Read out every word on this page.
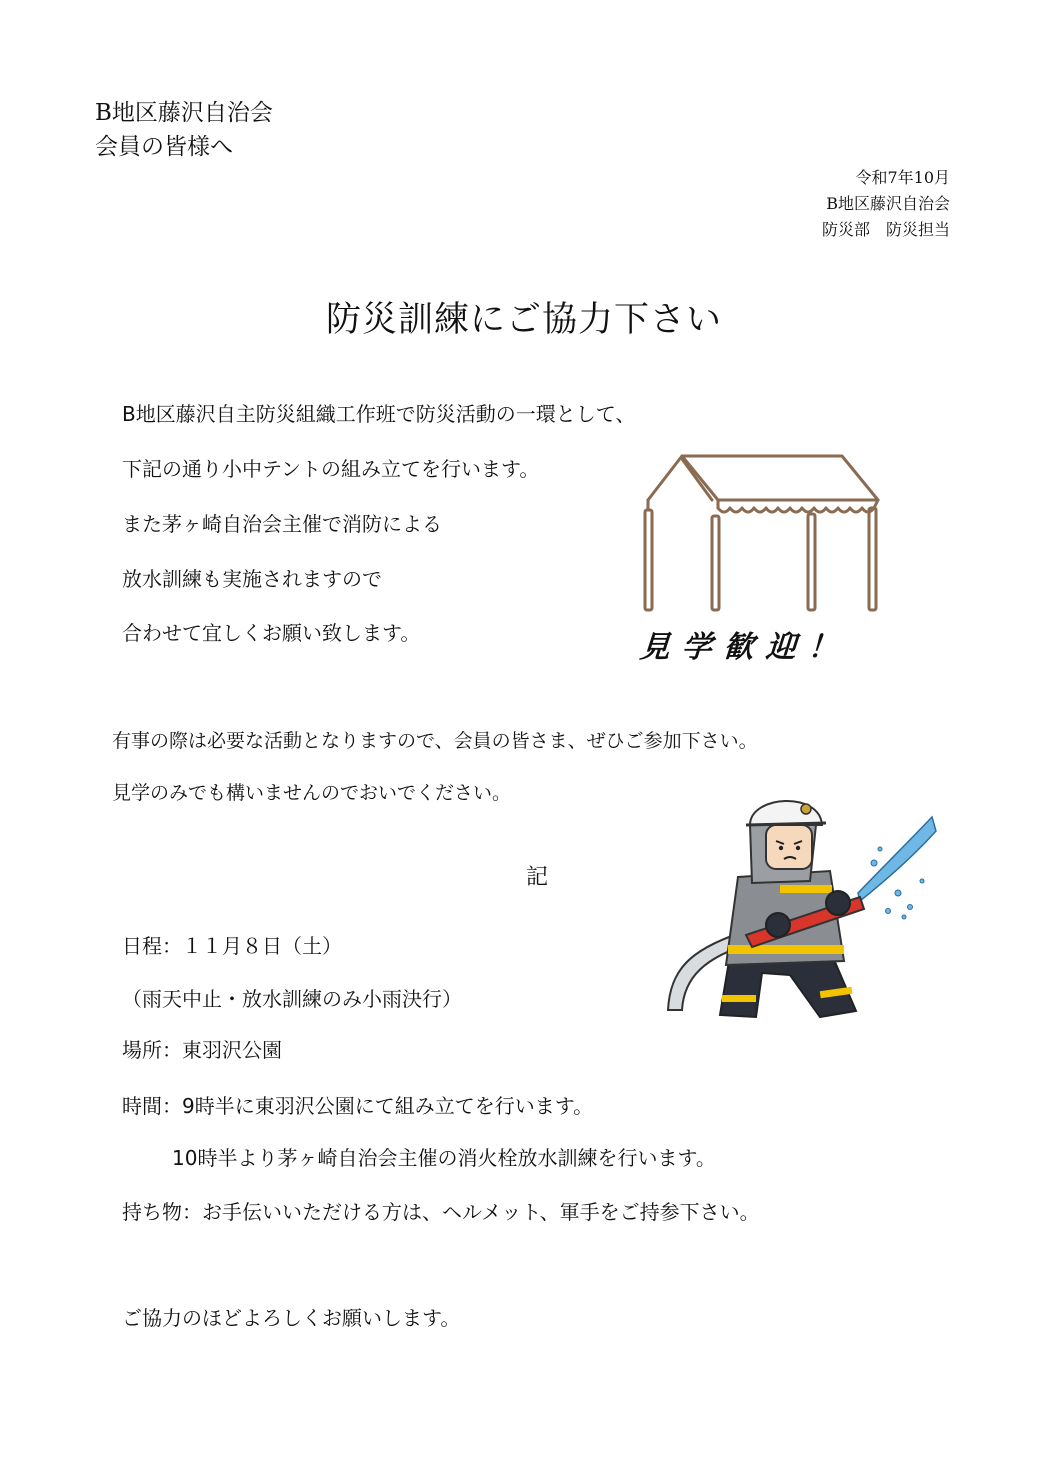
B地区藤沢自治会
会員の皆様へ
令和7年10月
B地区藤沢自治会
防災部　防災担当
防災訓練にご協力下さい
B地区藤沢自主防災組織工作班で防災活動の一環として、
下記の通り小中テントの組み立てを行います。
また茅ヶ崎自治会主催で消防による
放水訓練も実施されますので
合わせて宜しくお願い致します。	見学歓迎！
有事の際は必要な活動となりますので、会員の皆さま、ぜひご参加下さい。
見学のみでも構いませんのでおいでください。
記
日程：１１月８日（土）
（雨天中止・放水訓練のみ小雨決行）
場所：東羽沢公園
時間：9時半に東羽沢公園にて組み立てを行います。
10時半より茅ヶ崎自治会主催の消火栓放水訓練を行います。
持ち物：お手伝いいただける方は、ヘルメット、軍手をご持参下さい。
ご協力のほどよろしくお願いします。
